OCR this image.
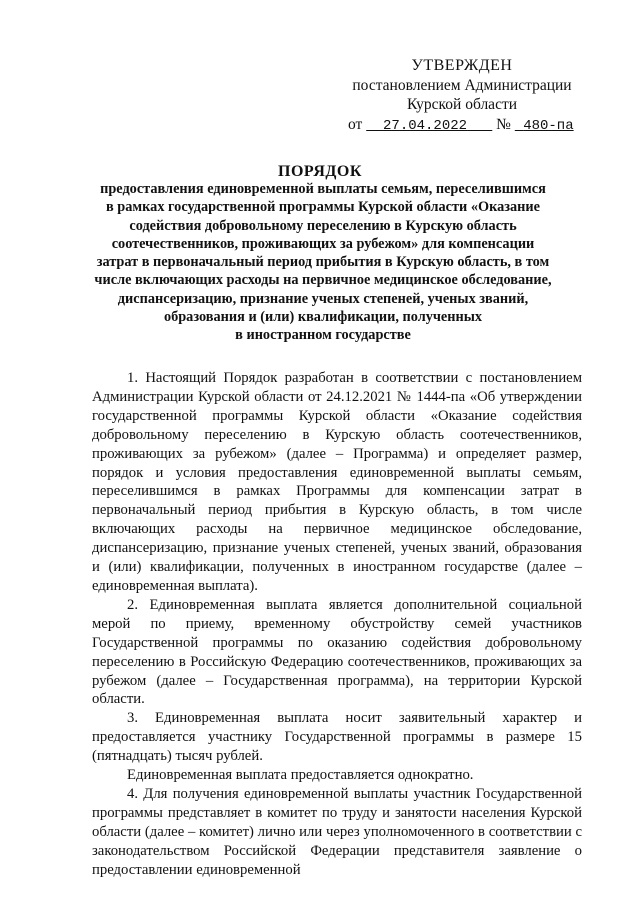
УТВЕРЖДЕН
постановлением Администрации
Курской области
от 27.04.2022 № 480-па
ПОРЯДОК
предоставления единовременной выплаты семьям, переселившимся
в рамках государственной программы Курской области «Оказание
содействия добровольному переселению в Курскую область
соотечественников, проживающих за рубежом» для компенсации
затрат в первоначальный период прибытия в Курскую область, в том
числе включающих расходы на первичное медицинское обследование,
диспансеризацию, признание ученых степеней, ученых званий,
образования и (или) квалификации, полученных
в иностранном государстве

1. Настоящий Порядок разработан в соответствии с постановлением Администрации Курской области от 24.12.2021 № 1444-па «Об утверждении государственной программы Курской области «Оказание содействия добровольному переселению в Курскую область соотечественников, проживающих за рубежом» (далее – Программа) и определяет размер, порядок и условия предоставления единовременной выплаты семьям, переселившимся в рамках Программы для компенсации затрат в первоначальный период прибытия в Курскую область, в том числе включающих расходы на первичное медицинское обследование, диспансеризацию, признание ученых степеней, ученых званий, образования и (или) квалификации, полученных в иностранном государстве (далее – единовременная выплата).

2. Единовременная выплата является дополнительной социальной мерой по приему, временному обустройству семей участников Государственной программы по оказанию содействия добровольному переселению в Российскую Федерацию соотечественников, проживающих за рубежом (далее – Государственная программа), на территории Курской области.

3. Единовременная выплата носит заявительный характер и предоставляется участнику Государственной программы в размере 15 (пятнадцать) тысяч рублей.

Единовременная выплата предоставляется однократно.

4. Для получения единовременной выплаты участник Государственной программы представляет в комитет по труду и занятости населения Курской области (далее – комитет) лично или через уполномоченного в соответствии с законодательством Российской Федерации представителя заявление о предоставлении единовременной
